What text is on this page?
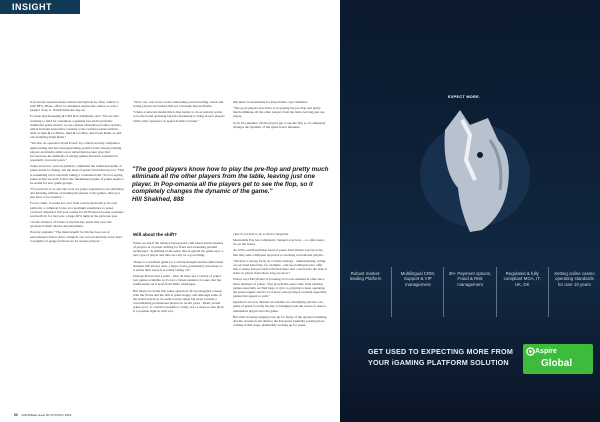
INSIGHT

it located in Asquire-listed casinos and Spin & Go files, which, to with 88%, Blaze, offers to customers players the chance to win a jackpot of up to 10,000 times the buy-in.

Fo Sean QQ managing & CEO Rob Ashburner said: "We are also working to field for customers a genuine fast and beyond the traditional poker model; we are curated alternative product options, which includes innovative variants to the currency-pluse formats such as Spin & Go Blaze, Spin & Go Max, and Zoom Rush, as add-ons featuring Team Rush."

"We also do operators about Power Up, which recently completed alpha testing and has been generating positive buzz among existing players and media amid a new subscription poker type that incorporates the elements of energy games that have exploded in popularity in recent years."

Some, however, were in publicly committed the traditional game of poker needs to change. On the head of poker David Parveyra is "This is something we're currently taking a considered and "It's not saying poker is that we don't follow the fundamental game of poker needs to be sound for new game groups.

"If you move so as also the tools are poker experiences are satisfying and pleasing without overtaking the means to the games, then you just have to be creative."

For it's other, it works not over from a network model to its own platform, a complete focus on a premium experience to poker overload. Rinaldo's full year results for 2018 showed poker revenues reached €12, for last year, a huge 40% jump in the previous year.

"At the entrance of T'mes of the full-bay poker this year, the sponsored small release announcement.

Poverty explains: "The main benefit for On the base out of networking is this to have complete our own promotions, have head to lengthy on gauge and have no be serious players."

"We're our own focus on the onboarding and rewarding casual and losing players and ensure that we can make that profitable.

"Under a network model this is like harder to do as nobody wants to be the brand spending big bets marketing to bring in new players while other operators on spend in their revenue."

this must be sustainable for Pays-mania, says Shakhed.

"The good players now have to be paying the pre-flop and pretty much eliminate all the other players from the table, leaving just one player.

So in Pro-pmaniac all the players get to see the flop so it completely changes the dynamic of the game fewer mistakes.

"The good players know how to play the pre-flop and pretty much eliminate all the other players from the table, leaving just one player. In Pop-omania all the players get to see the flop, so it completely changes the dynamic of the game."
Hill Shakhed, 888
Will about the shift?

When we ask if the balance between the club based and its market of players as of poker drifting for fixed and extending parallel techniques: "Is shifting in the sense that in spread the game up to a new type of player and this can only be a good thing.

"Poker is a tradition game for a certain thought and the skill-based element will always draw a huge crowd, particularly nowadays so it seems their expects is totally taking off."

Perhaps Powers has a point - after all there are a variety of poker tool games available so it's not a flexed element of poker that has traditionally set it apart from RNG challenges.

But there's no doubt that poker operators all are struggled to keep both the flocks and the fish at poker happy, and although some of the brand operators do seem to have taken big steps towards a concentrating professional players in recent years - Rush, Grand poker pool - it could be possible to bring on to a more so less pitch if a position right in with you.

view if you fish to be so that's categories.

Meanwhile Pay has completely changed over how ... to offer lesser, it's on the brand.

As GWG and PartyPoker head of poker Tom Waters says he notes that they take a different approach to reaching recreational players.

"We have a strong focus on a whole strategy - understanding, acting on our band hierarchy, for example - and see nothing hard to offer this to many and put such GTO that there isn't a more info the side of sides on player rides those long are more."

Waters says PartyPoker is focusing on it own element in other have more numbers of poker. "Our growth has seen come from existing games especially we find large or give to, playing to keep operating the poker engine and it's a lot more actual jackpot on them especially games that appeal to such."

Operators are now divided on whether in a modifying sell the core game of poker is really the key to bringing back the reason to meet a remastered players into the game.

But with revenues surging back up for many of the operators hunting and the revenue from them to the European Liquidity pooling more coming at this stage, undeniably looking up for poker.

60 iGB Affiliate Issue 80 OCT/NOV 2019
EXPECT MORE.
Robust market-leading Platform
Multilingual CRM, Support & VIP management
30+ Payment options, Fraud & Risk management
Regulated & fully compliant MGA, IT, UK, DK
Setting online casino operating standards for over 10 years
GET USED TO EXPECTING MORE FROM
YOUR iGAMING PLATFORM SOLUTION
Aspire
Global
